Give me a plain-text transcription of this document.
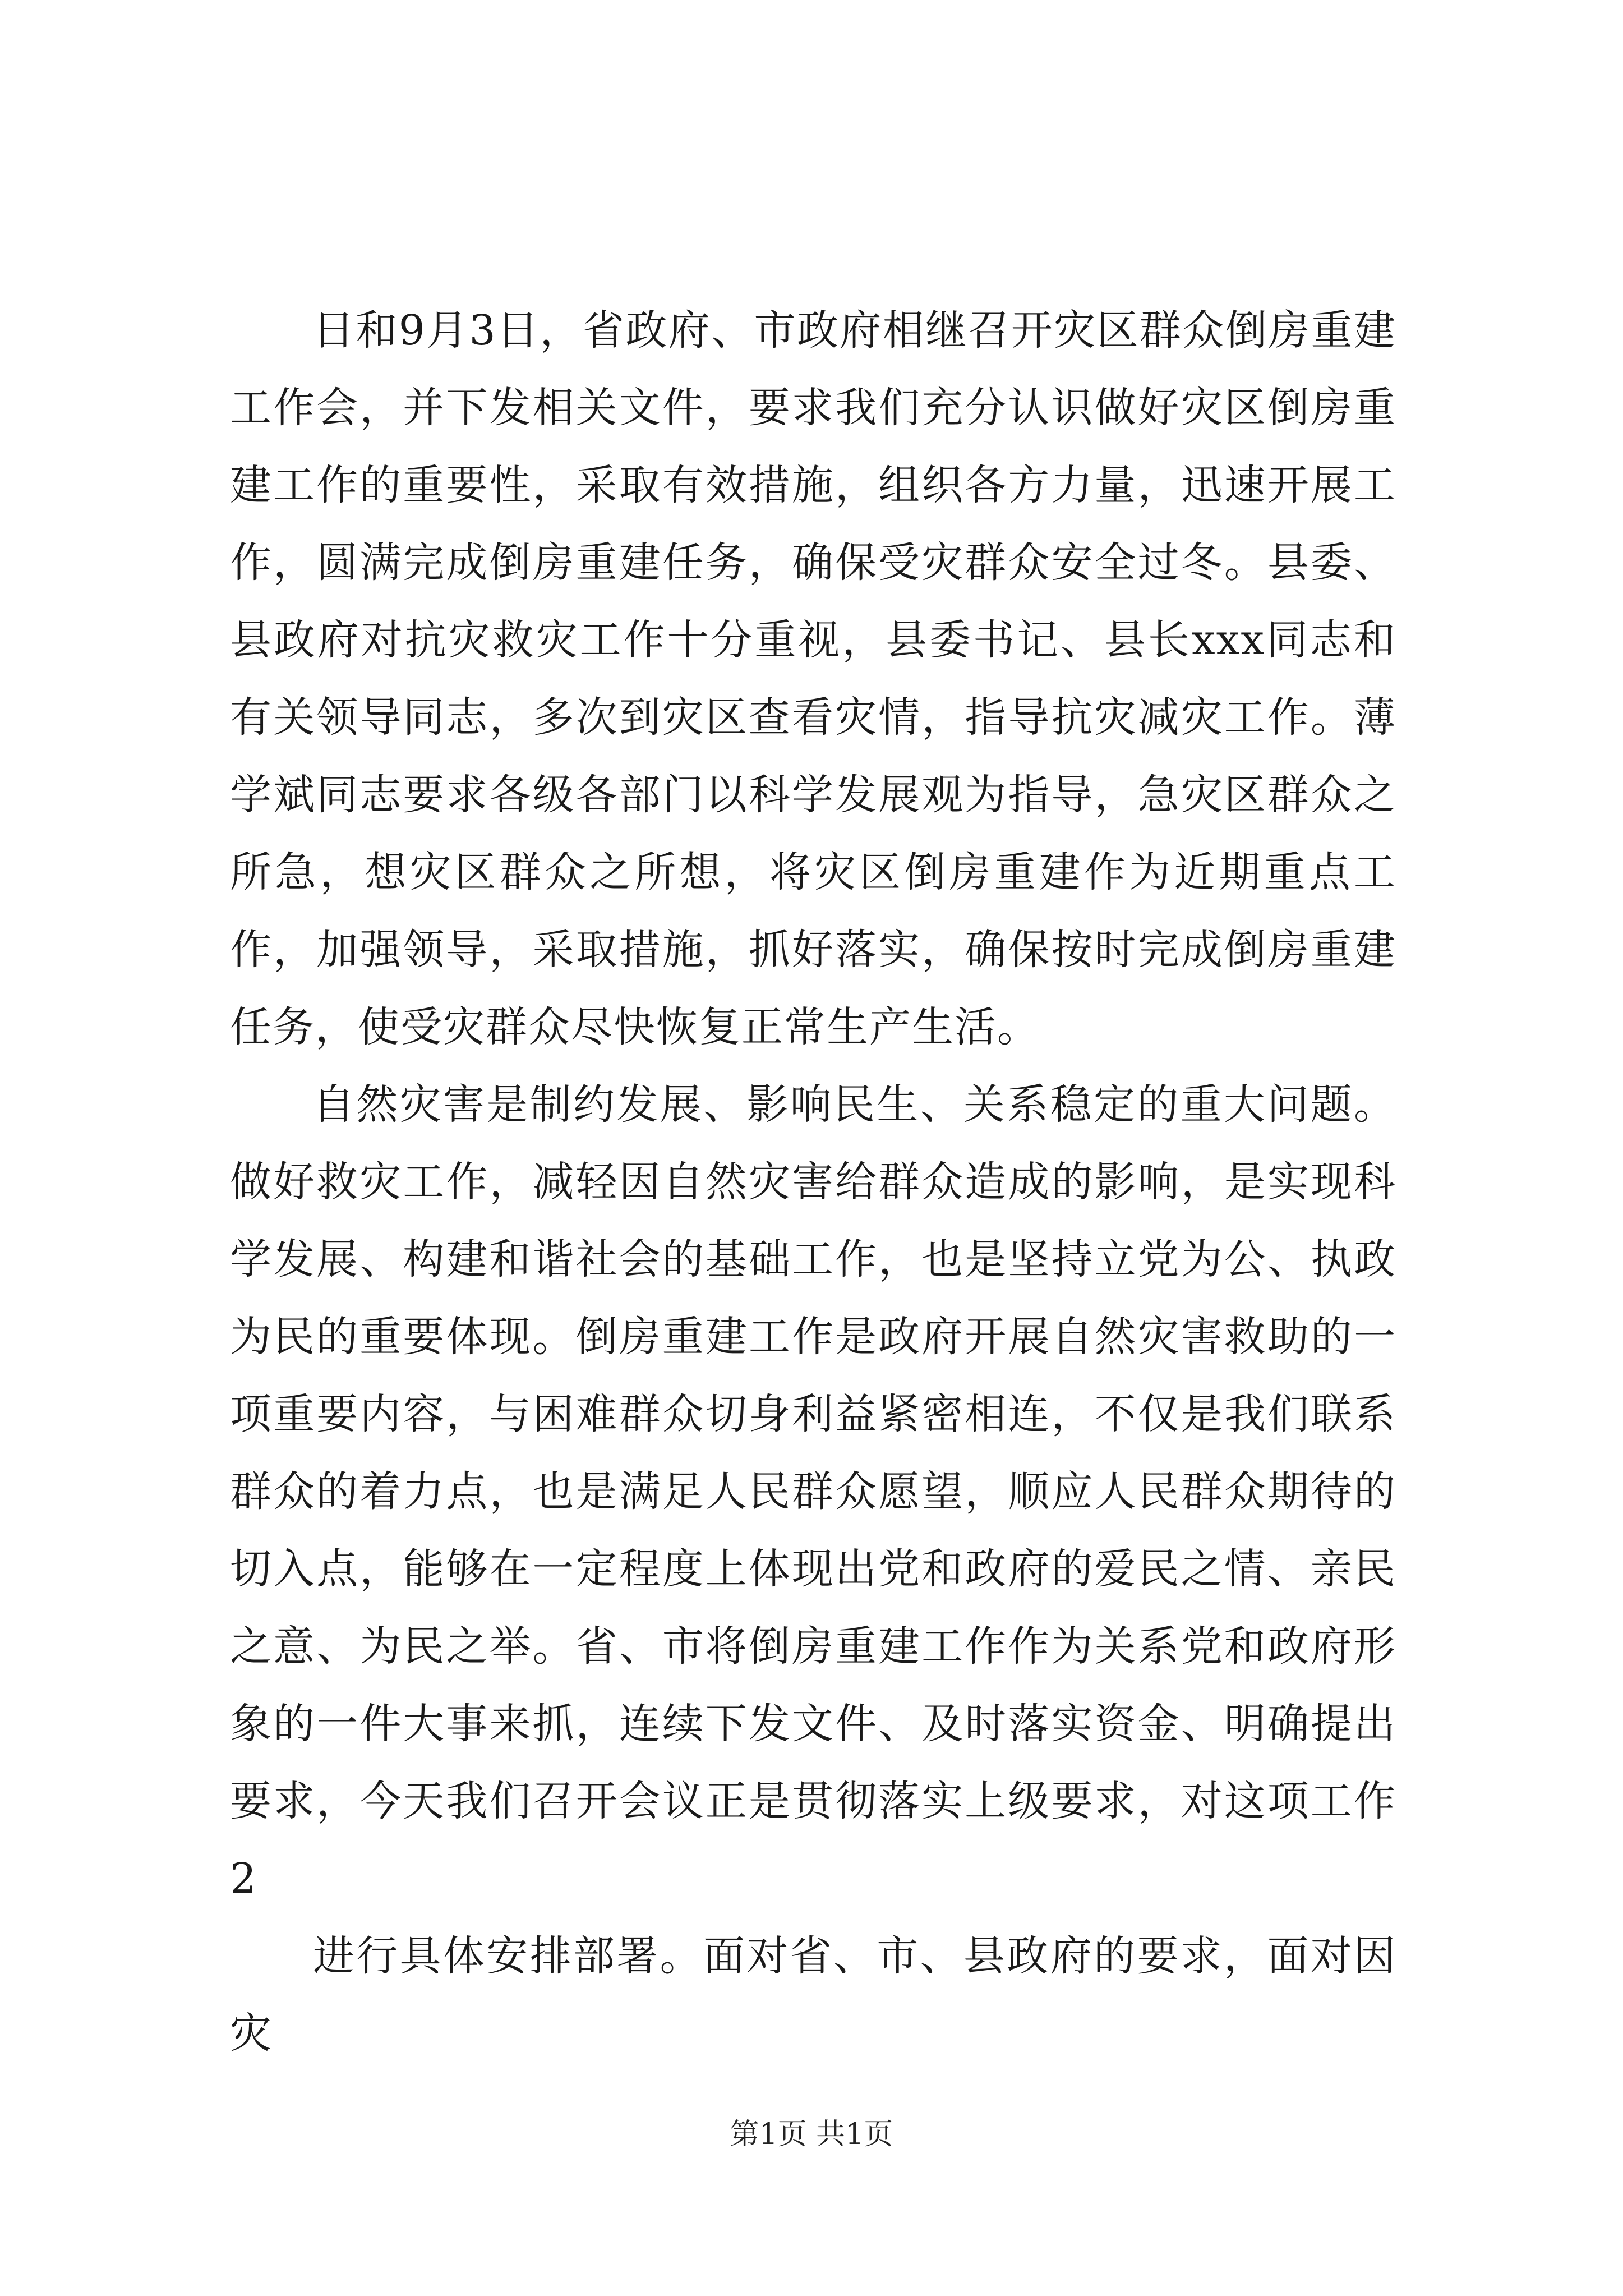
日和9月3日，省政府、市政府相继召开灾区群众倒房重建工作会，并下发相关文件，要求我们充分认识做好灾区倒房重建工作的重要性，采取有效措施，组织各方力量，迅速开展工作，圆满完成倒房重建任务，确保受灾群众安全过冬。县委、县政府对抗灾救灾工作十分重视，县委书记、县长xxx同志和有关领导同志，多次到灾区查看灾情，指导抗灾减灾工作。薄学斌同志要求各级各部门以科学发展观为指导，急灾区群众之所急，想灾区群众之所想，将灾区倒房重建作为近期重点工作，加强领导，采取措施，抓好落实，确保按时完成倒房重建任务，使受灾群众尽快恢复正常生产生活。

自然灾害是制约发展、影响民生、关系稳定的重大问题。做好救灾工作，减轻因自然灾害给群众造成的影响，是实现科学发展、构建和谐社会的基础工作，也是坚持立党为公、执政为民的重要体现。倒房重建工作是政府开展自然灾害救助的一项重要内容，与困难群众切身利益紧密相连，不仅是我们联系群众的着力点，也是满足人民群众愿望，顺应人民群众期待的切入点，能够在一定程度上体现出党和政府的爱民之情、亲民之意、为民之举。省、市将倒房重建工作作为关系党和政府形象的一件大事来抓，连续下发文件、及时落实资金、明确提出要求，今天我们召开会议正是贯彻落实上级要求，对这项工作2

进行具体安排部署。面对省、市、县政府的要求，面对因灾

第1页 共1页
